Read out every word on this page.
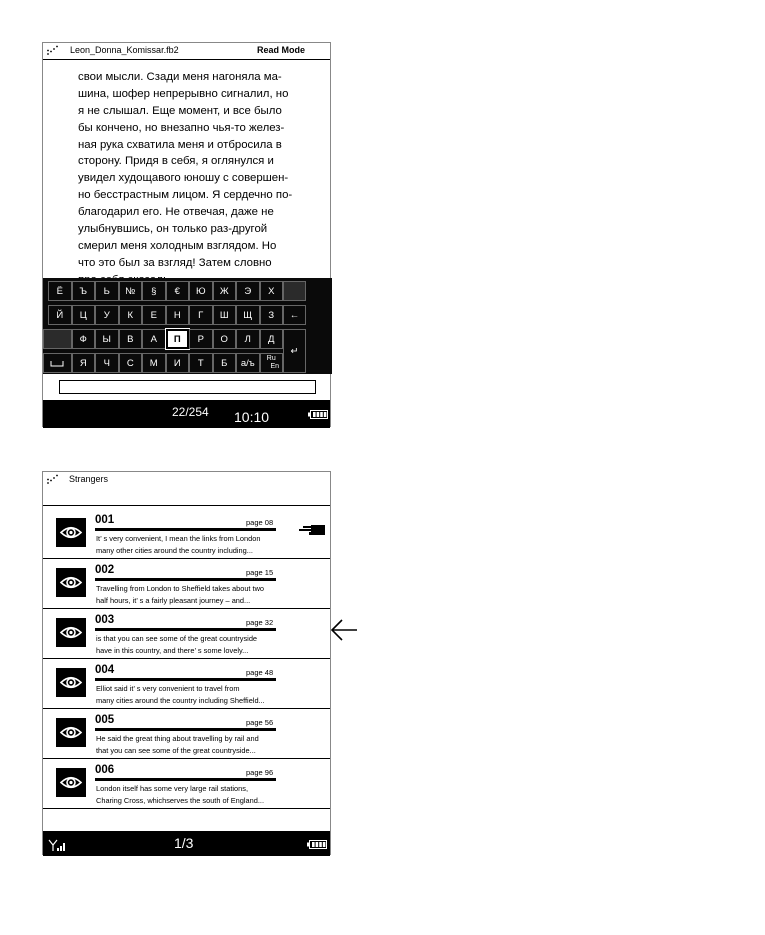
Leon_Donna_Komissar.fb2	Read Mode
свои мысли. Сзади меня нагоняла ма-
шина, шофер непрерывно сигналил, но
я не слышал. Еще момент, и все было
бы кончено, но внезапно чья-то желез-
ная рука схватила меня и отбросила в
сторону. Придя в себя, я оглянулся и
увидел худощавого юношу с совершен-
но бесстрастным лицом. Я сердечно по-
благодарил его. Не отвечая, даже не
улыбнувшись, он только раз-другой
смерил меня холодным взглядом. Но
что это был за взгляд! Затем словно
Ё	Ъ	Ь	№	§	€	Ю	Ж	Э	Х
Й	Ц	У	К	Е	Н	Г	Ш	Щ	З	←
Ф	Ы	В	А	П	Р	О	Л	Д
↵
Я	Ч	С	М	И	Т	Б	а/ъ	Ru
En
22/254 10:10
Strangers
001	page 08
It’ s very convenient, I mean the links from London
many other cities around the country including...
002	page 15
Travelling from London to Sheffield takes about two
half hours, it’ s a fairly pleasant journey – and...
003	page 32
is that you can see some of the great countryside
have in this country, and there’ s some lovely...
004	page 48
Elliot said it’ s very convenient to travel from
many cities around the country including Sheffield...
005	page 56
He said the great thing about travelling by rail and
that you can see some of the great countryside...
006	page 96
London itself has some very large rail stations,
Charing Cross, whichserves the south of England...
1/3
